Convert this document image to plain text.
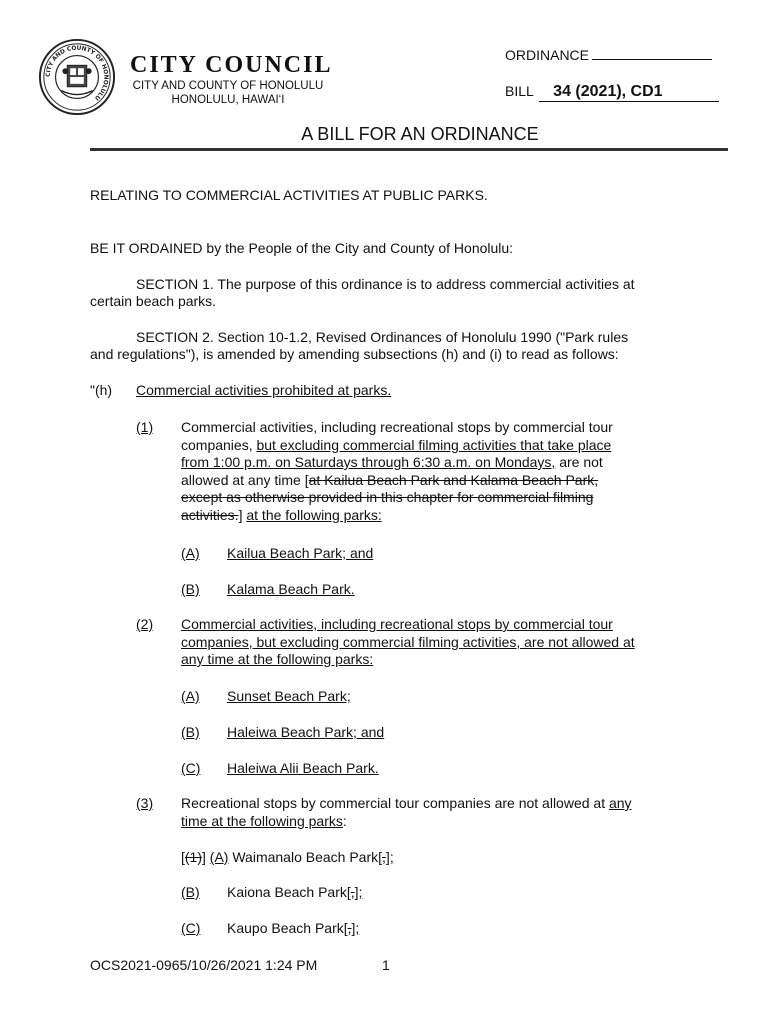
CITY AND COUNTY OF HONOLULU
CITY COUNCIL
CITY AND COUNTY OF HONOLULU
HONOLULU, HAWAI‘I
ORDINANCE
BILL 34 (2021), CD1
A BILL FOR AN ORDINANCE
RELATING TO COMMERCIAL ACTIVITIES AT PUBLIC PARKS.
BE IT ORDAINED by the People of the City and County of Honolulu:
SECTION 1. The purpose of this ordinance is to address commercial activities at
certain beach parks.
SECTION 2. Section 10-1.2, Revised Ordinances of Honolulu 1990 ("Park rules
and regulations"), is amended by amending subsections (h) and (i) to read as follows:
"(h) Commercial activities prohibited at parks.
(1) Commercial activities, including recreational stops by commercial tour
companies, but excluding commercial filming activities that take place
from 1:00 p.m. on Saturdays through 6:30 a.m. on Mondays, are not
allowed at any time [at Kailua Beach Park and Kalama Beach Park,
except as otherwise provided in this chapter for commercial filming
activities.] at the following parks:
(A) Kailua Beach Park; and
(B) Kalama Beach Park.
(2) Commercial activities, including recreational stops by commercial tour
companies, but excluding commercial filming activities, are not allowed at
any time at the following parks:
(A) Sunset Beach Park;
(B) Haleiwa Beach Park; and
(C) Haleiwa Alii Beach Park.
(3) Recreational stops by commercial tour companies are not allowed at any
time at the following parks:
[(1)] (A) Waimanalo Beach Park[,];
(B) Kaiona Beach Park[,];
(C) Kaupo Beach Park[,];
OCS2021-0965/10/26/2021 1:24 PM	1
